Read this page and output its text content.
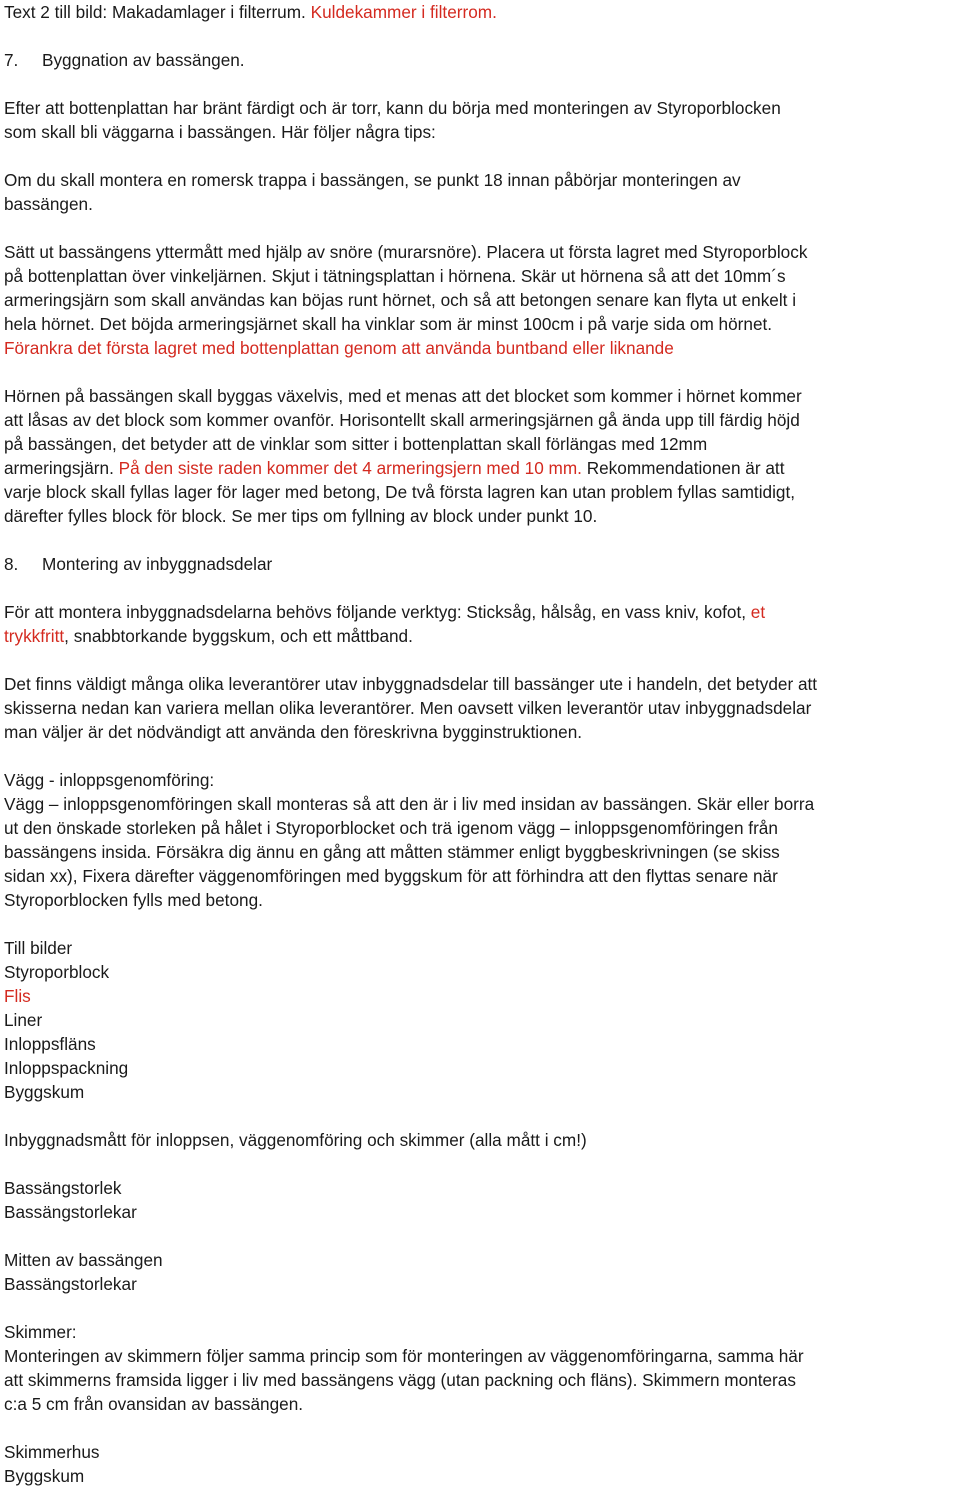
Text 2 till bild: Makadamlager i filterrum. Kuldekammer i filterrom.
7. Byggnation av bassängen.
Efter att bottenplattan har bränt färdigt och är torr, kann du börja med monteringen av Styroporblocken
som skall bli väggarna i bassängen. Här följer några tips:
Om du skall montera en romersk trappa i bassängen, se punkt 18 innan påbörjar monteringen av
bassängen.
Sätt ut bassängens yttermått med hjälp av snöre (murarsnöre). Placera ut första lagret med Styroporblock
på bottenplattan över vinkeljärnen. Skjut i tätningsplattan i hörnena. Skär ut hörnena så att det 10mm´s
armeringsjärn som skall användas kan böjas runt hörnet, och så att betongen senare kan flyta ut enkelt i
hela hörnet. Det böjda armeringsjärnet skall ha vinklar som är minst 100cm i på varje sida om hörnet.
Förankra det första lagret med bottenplattan genom att använda buntband eller liknande
Hörnen på bassängen skall byggas växelvis, med et menas att det blocket som kommer i hörnet kommer
att låsas av det block som kommer ovanför. Horisontellt skall armeringsjärnen gå ända upp till färdig höjd
på bassängen, det betyder att de vinklar som sitter i bottenplattan skall förlängas med 12mm
armeringsjärn. På den siste raden kommer det 4 armeringsjern med 10 mm. Rekommendationen är att
varje block skall fyllas lager för lager med betong, De två första lagren kan utan problem fyllas samtidigt,
därefter fylles block för block. Se mer tips om fyllning av block under punkt 10.
8. Montering av inbyggnadsdelar
För att montera inbyggnadsdelarna behövs följande verktyg: Sticksåg, hålsåg, en vass kniv, kofot, et
trykkfritt, snabbtorkande byggskum, och ett måttband.
Det finns väldigt många olika leverantörer utav inbyggnadsdelar till bassänger ute i handeln, det betyder att
skisserna nedan kan variera mellan olika leverantörer. Men oavsett vilken leverantör utav inbyggnadsdelar
man väljer är det nödvändigt att använda den föreskrivna bygginstruktionen.
Vägg - inloppsgenomföring:
Vägg – inloppsgenomföringen skall monteras så att den är i liv med insidan av bassängen. Skär eller borra
ut den önskade storleken på hålet i Styroporblocket och trä igenom vägg – inloppsgenomföringen från
bassängens insida. Försäkra dig ännu en gång att måtten stämmer enligt byggbeskrivningen (se skiss
sidan xx), Fixera därefter väggenomföringen med byggskum för att förhindra att den flyttas senare när
Styroporblocken fylls med betong.
Till bilder
Styroporblock
Flis
Liner
Inloppsfläns
Inloppspackning
Byggskum
Inbyggnadsmått för inloppsen, väggenomföring och skimmer (alla mått i cm!)
Bassängstorlek
Bassängstorlekar
Mitten av bassängen
Bassängstorlekar
Skimmer:
Monteringen av skimmern följer samma princip som för monteringen av väggenomföringarna, samma här
att skimmerns framsida ligger i liv med bassängens vägg (utan packning och fläns). Skimmern monteras
c:a 5 cm från ovansidan av bassängen.
Skimmerhus
Byggskum
